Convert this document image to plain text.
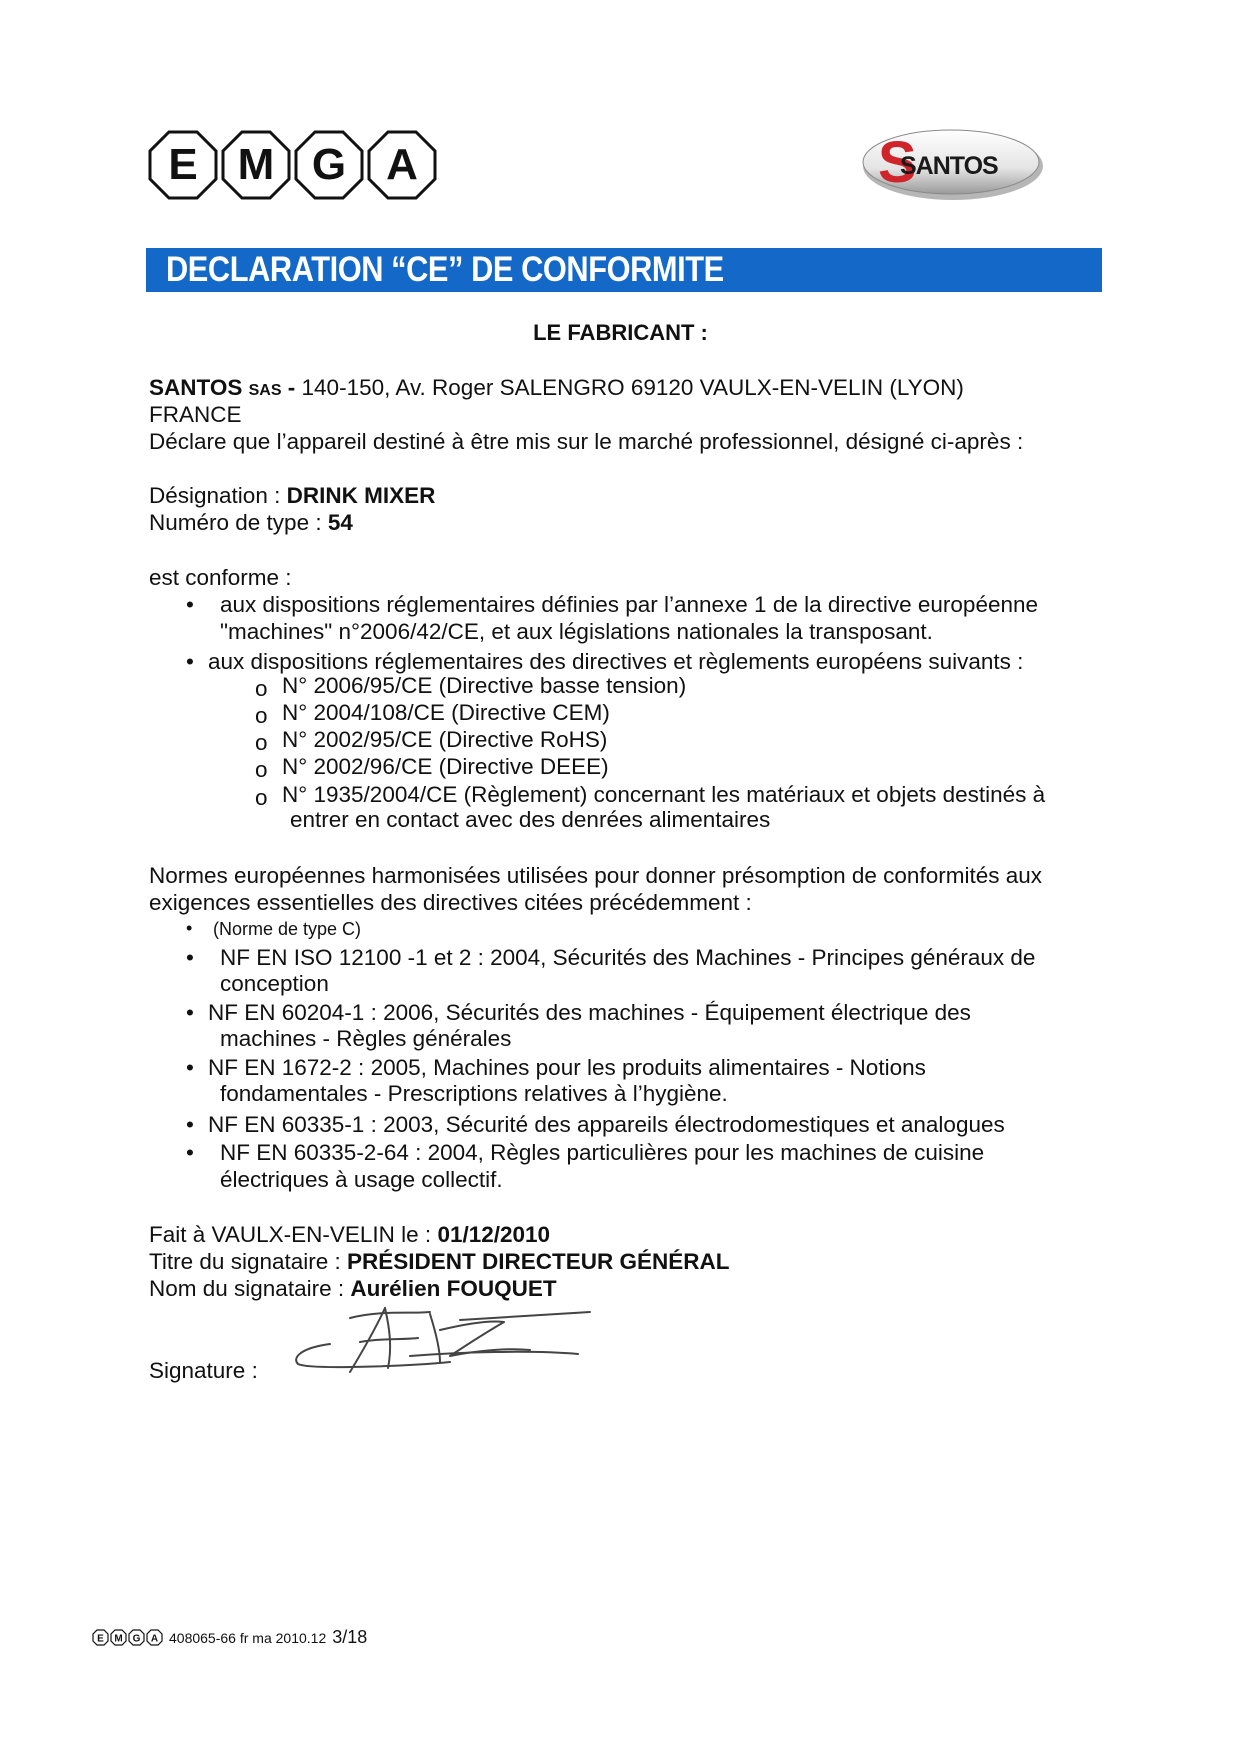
E M G A	S
SANTOS
DECLARATION “CE” DE CONFORMITE
LE FABRICANT :
SANTOS SAS - 140-150, Av. Roger SALENGRO 69120 VAULX-EN-VELIN (LYON)
FRANCE
Déclare que l’appareil destiné à être mis sur le marché professionnel, désigné ci-après :
Désignation : DRINK MIXER
Numéro de type : 54
est conforme :
• aux dispositions réglementaires définies par l’annexe 1 de la directive européenne
"machines" n°2006/42/CE, et aux législations nationales la transposant.
• aux dispositions réglementaires des directives et règlements européens suivants :
o N° 2006/95/CE (Directive basse tension)
o N° 2004/108/CE (Directive CEM)
o N° 2002/95/CE (Directive RoHS)
o N° 2002/96/CE (Directive DEEE)
o N° 1935/2004/CE (Règlement) concernant les matériaux et objets destinés à
entrer en contact avec des denrées alimentaires
Normes européennes harmonisées utilisées pour donner présomption de conformités aux
exigences essentielles des directives citées précédemment :
• (Norme de type C)
• NF EN ISO 12100 -1 et 2 : 2004, Sécurités des Machines - Principes généraux de
conception
• NF EN 60204-1 : 2006, Sécurités des machines - Équipement électrique des
machines - Règles générales
• NF EN 1672-2 : 2005, Machines pour les produits alimentaires - Notions
fondamentales - Prescriptions relatives à l’hygiène.
• NF EN 60335-1 : 2003, Sécurité des appareils électrodomestiques et analogues
• NF EN 60335-2-64 : 2004, Règles particulières pour les machines de cuisine
électriques à usage collectif.
Fait à VAULX-EN-VELIN le : 01/12/2010
Titre du signataire : PRÉSIDENT DIRECTEUR GÉNÉRAL
Nom du signataire : Aurélien FOUQUET
Signature :
E M G A 408065-66 fr ma 2010.12 3/18
